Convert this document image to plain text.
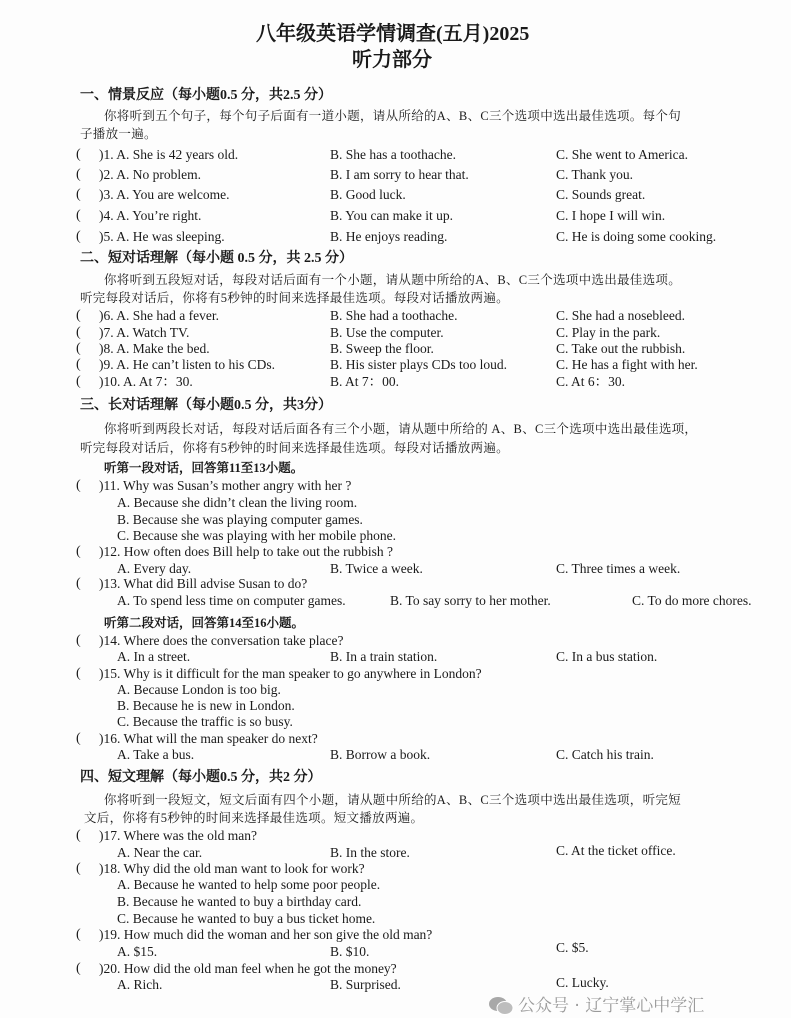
八年级英语学情调查(五月)2025
听力部分
一、情景反应（每小题0.5 分，共2.5 分）
你将听到五个句子，每个句子后面有一道小题，请从所给的A、B、C三个选项中选出最佳选项。每个句
子播放一遍。
( )1. A. She is 42 years old.	B. She has a toothache.	C. She went to America.
( )2. A. No problem.	B. I am sorry to hear that.	C. Thank you.
( )3. A. You are welcome.	B. Good luck.	C. Sounds great.
( )4. A. You’re right.	B. You can make it up.	C. I hope I will win.
( )5. A. He was sleeping.	B. He enjoys reading.	C. He is doing some cooking.
二、短对话理解（每小题 0.5 分，共 2.5 分）
你将听到五段短对话，每段对话后面有一个小题，请从题中所给的A、B、C三个选项中选出最佳选项。
听完每段对话后，你将有5秒钟的时间来选择最佳选项。每段对话播放两遍。
( )6. A. She had a fever.	B. She had a toothache.	C. She had a nosebleed.
( )7. A. Watch TV.	B. Use the computer.	C. Play in the park.
( )8. A. Make the bed.	B. Sweep the floor.	C. Take out the rubbish.
( )9. A. He can’t listen to his CDs.	B. His sister plays CDs too loud.	C. He has a fight with her.
( )10. A. At 7：30.	B. At 7：00.	C. At 6：30.
三、长对话理解（每小题0.5 分，共3分）
你将听到两段长对话，每段对话后面各有三个小题，请从题中所给的 A、B、C三个选项中选出最佳选项，
听完每段对话后，你将有5秒钟的时间来选择最佳选项。每段对话播放两遍。
听第一段对话，回答第11至13小题。
( )11. Why was Susan’s mother angry with her ?
A. Because she didn’t clean the living room.
B. Because she was playing computer games.
C. Because she was playing with her mobile phone.
( )12. How often does Bill help to take out the rubbish ?
A. Every day.	B. Twice a week.	C. Three times a week.
( )13. What did Bill advise Susan to do?
A. To spend less time on computer games.	B. To say sorry to her mother.	C. To do more chores.
听第二段对话，回答第14至16小题。
( )14. Where does the conversation take place?
A. In a street.	B. In a train station.	C. In a bus station.
( )15. Why is it difficult for the man speaker to go anywhere in London?
A. Because London is too big.
B. Because he is new in London.
C. Because the traffic is so busy.
( )16. What will the man speaker do next?
A. Take a bus.	B. Borrow a book.	C. Catch his train.
四、短文理解（每小题0.5 分，共2 分）
你将听到一段短文，短文后面有四个小题，请从题中所给的A、B、C三个选项中选出最佳选项，听完短
文后，你将有5秒钟的时间来选择最佳选项。短文播放两遍。
( )17. Where was the old man?
A. Near the car.	B. In the store.	C. At the ticket office.
( )18. Why did the old man want to look for work?
A. Because he wanted to help some poor people.
B. Because he wanted to buy a birthday card.
C. Because he wanted to buy a bus ticket home.
( )19. How much did the woman and her son give the old man?
A. $15.	B. $10.	C. $5.
( )20. How did the old man feel when he got the money?
A. Rich.	B. Surprised.	C. Lucky.
公众号 · 辽宁掌心中学汇
